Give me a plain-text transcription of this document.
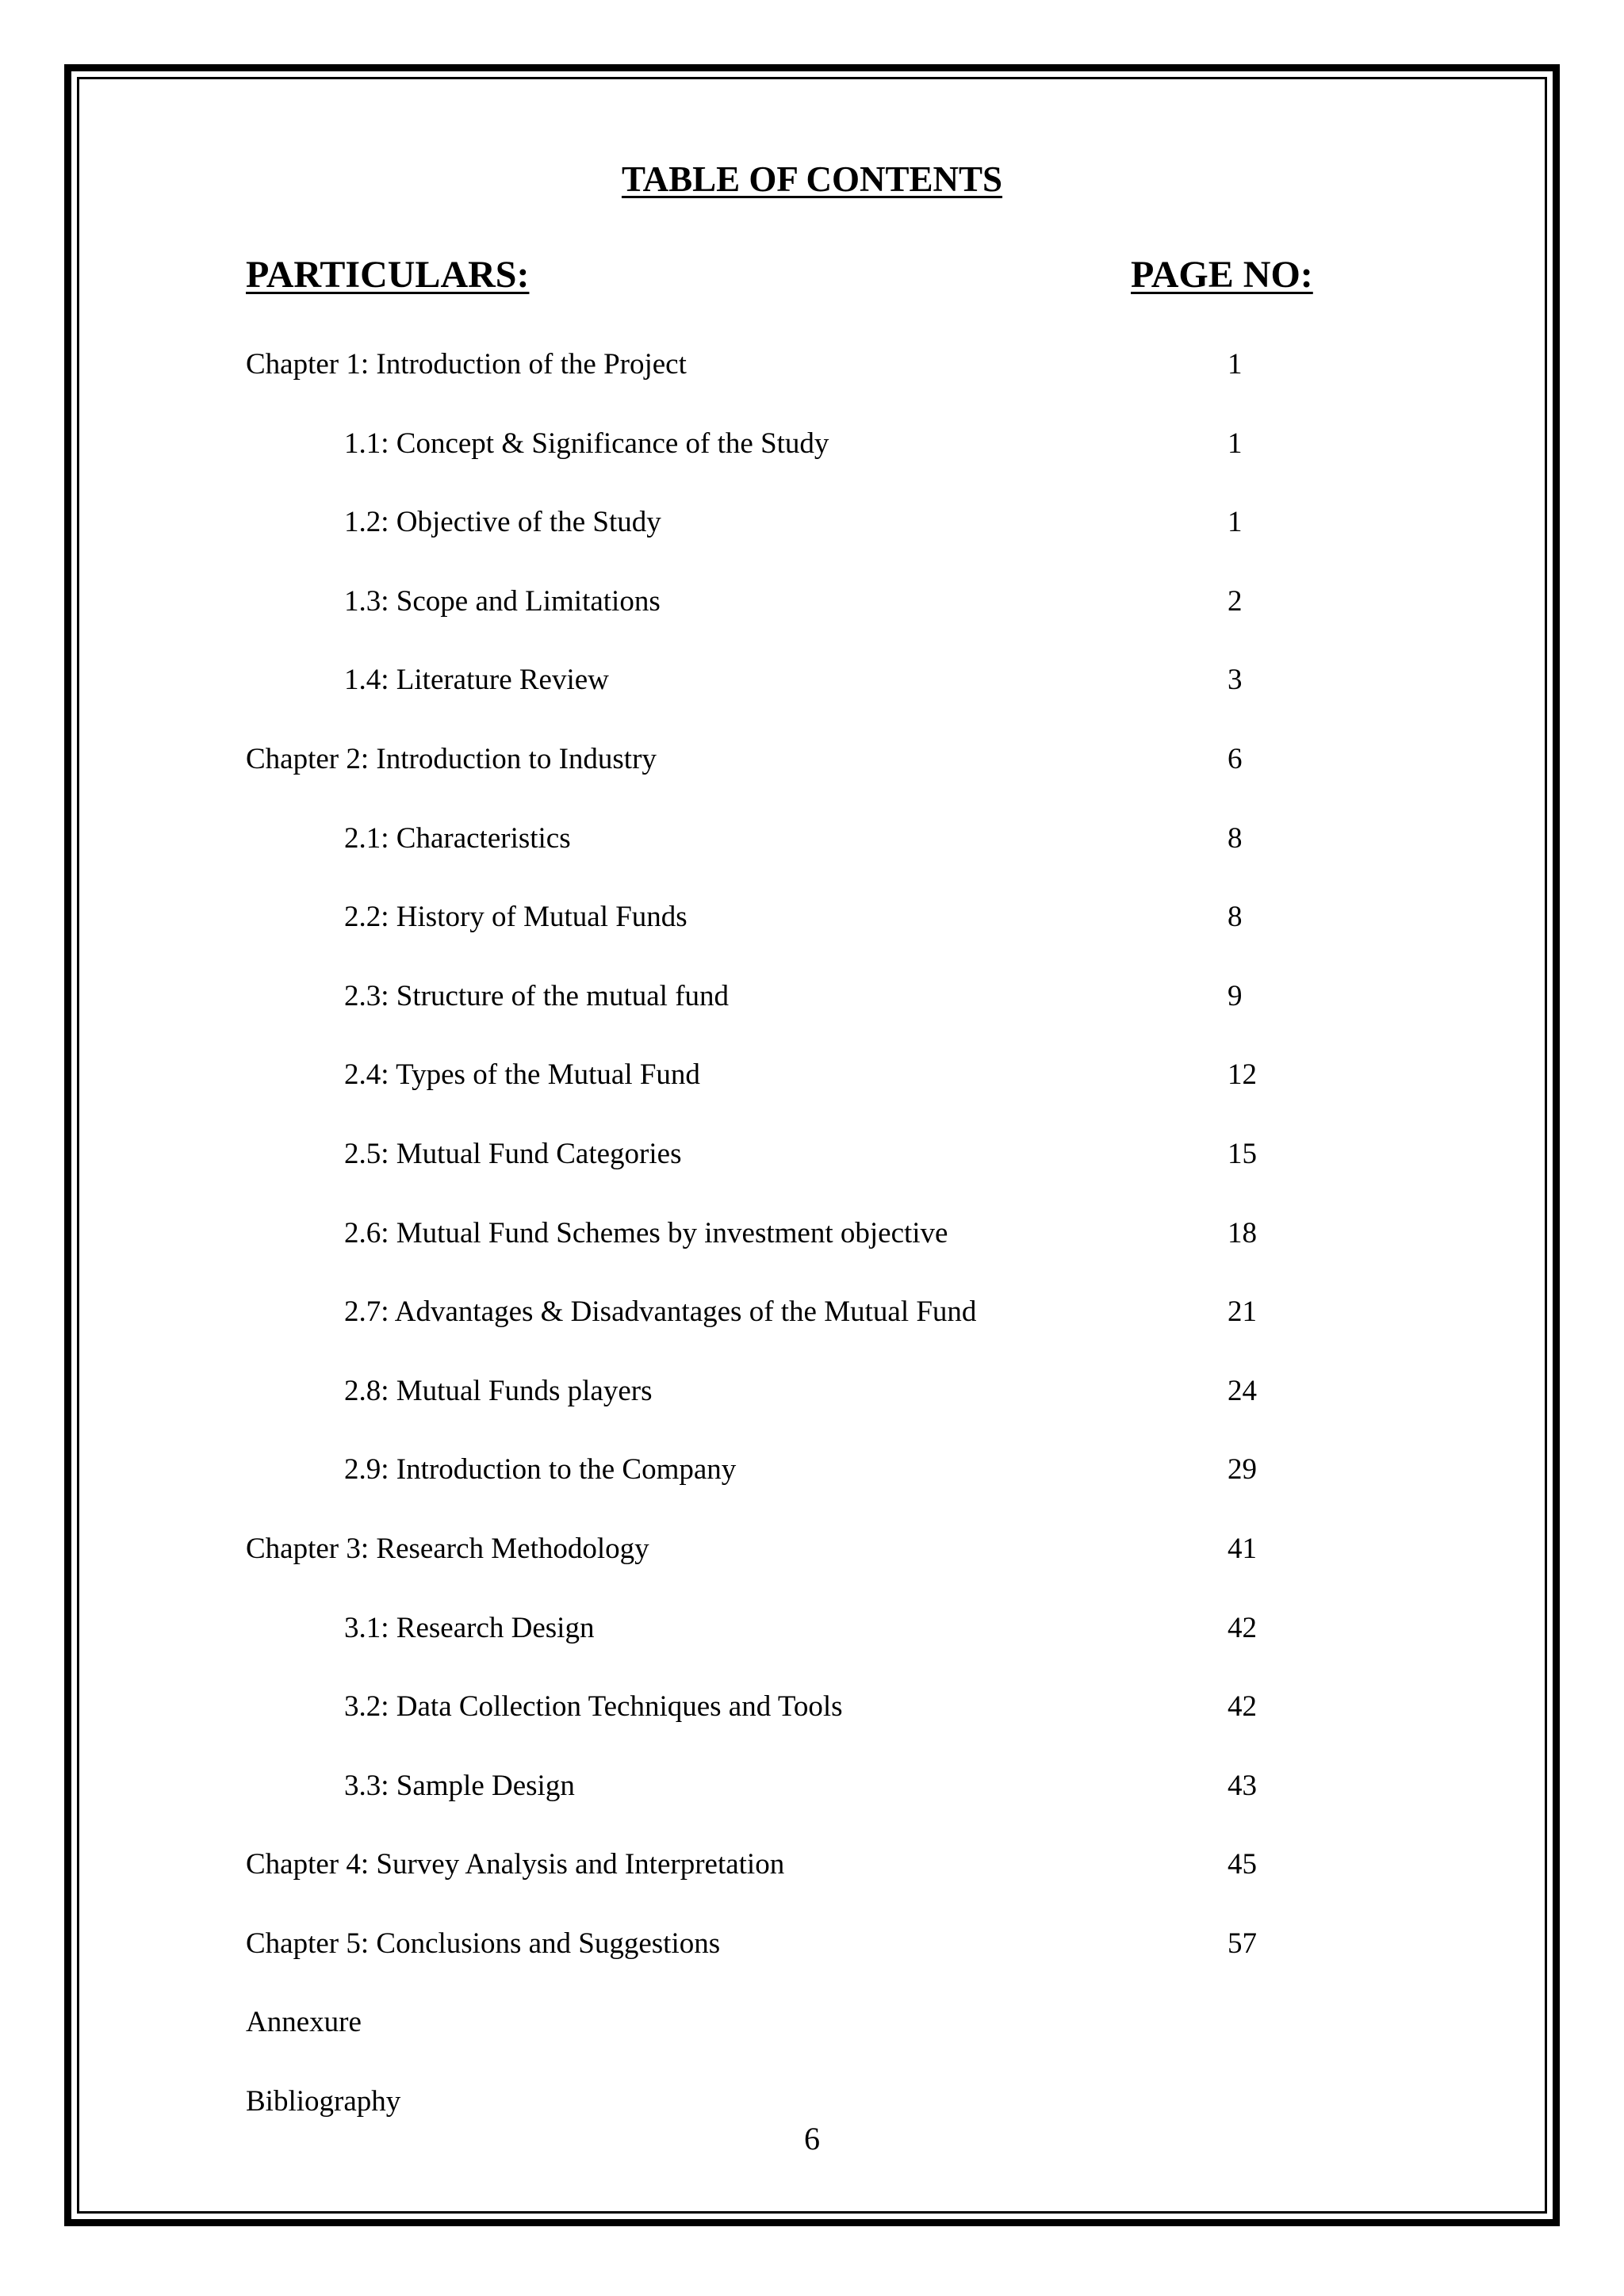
TABLE OF CONTENTS
PARTICULARS:	PAGE NO:
Chapter 1: Introduction of the Project	1
1.1: Concept & Significance of the Study	1
1.2: Objective of the Study	1
1.3: Scope and Limitations	2
1.4: Literature Review	3
Chapter 2: Introduction to Industry	6
2.1: Characteristics	8
2.2: History of Mutual Funds	8
2.3: Structure of the mutual fund	9
2.4: Types of the Mutual Fund	12
2.5: Mutual Fund Categories	15
2.6: Mutual Fund Schemes by investment objective	18
2.7: Advantages & Disadvantages of the Mutual Fund	21
2.8: Mutual Funds players	24
2.9: Introduction to the Company	29
Chapter 3: Research Methodology	41
3.1: Research Design	42
3.2: Data Collection Techniques and Tools	42
3.3: Sample Design	43
Chapter 4: Survey Analysis and Interpretation	45
Chapter 5: Conclusions and Suggestions	57
Annexure
Bibliography
6
